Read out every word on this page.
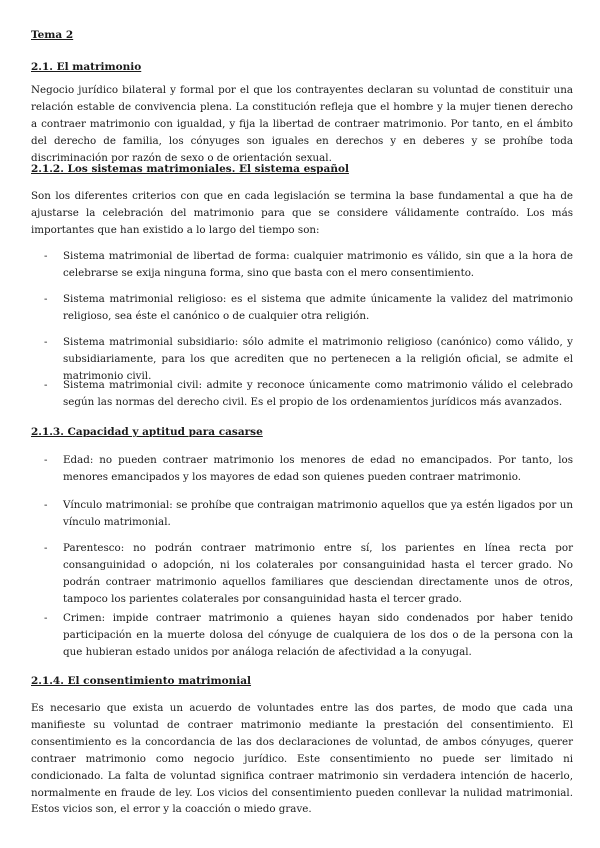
Tema 2
2.1. El matrimonio

Negocio jurídico bilateral y formal por el que los contrayentes declaran su voluntad de constituir una relación estable de convivencia plena. La constitución refleja que el hombre y la mujer tienen derecho a contraer matrimonio con igualdad, y fija la libertad de contraer matrimonio. Por tanto, en el ámbito del derecho de familia, los cónyuges son iguales en derechos y en deberes y se prohíbe toda discriminación por razón de sexo o de orientación sexual.

2.1.2. Los sistemas matrimoniales. El sistema español

Son los diferentes criterios con que en cada legislación se termina la base fundamental a que ha de ajustarse la celebración del matrimonio para que se considere válidamente contraído. Los más importantes que han existido a lo largo del tiempo son:

- Sistema matrimonial de libertad de forma: cualquier matrimonio es válido, sin que a la hora de celebrarse se exija ninguna forma, sino que basta con el mero consentimiento.
- Sistema matrimonial religioso: es el sistema que admite únicamente la validez del matrimonio religioso, sea éste el canónico o de cualquier otra religión.
- Sistema matrimonial subsidiario: sólo admite el matrimonio religioso (canónico) como válido, y subsidiariamente, para los que acrediten que no pertenecen a la religión oficial, se admite el matrimonio civil.
- Sistema matrimonial civil: admite y reconoce únicamente como matrimonio válido el celebrado según las normas del derecho civil. Es el propio de los ordenamientos jurídicos más avanzados.
2.1.3. Capacidad y aptitud para casarse
- Edad: no pueden contraer matrimonio los menores de edad no emancipados. Por tanto, los menores emancipados y los mayores de edad son quienes pueden contraer matrimonio.
- Vínculo matrimonial: se prohíbe que contraigan matrimonio aquellos que ya estén ligados por un vínculo matrimonial.
- Parentesco: no podrán contraer matrimonio entre sí, los parientes en línea recta por consanguinidad o adopción, ni los colaterales por consanguinidad hasta el tercer grado. No podrán contraer matrimonio aquellos familiares que desciendan directamente unos de otros, tampoco los parientes colaterales por consanguinidad hasta el tercer grado.
- Crimen: impide contraer matrimonio a quienes hayan sido condenados por haber tenido participación en la muerte dolosa del cónyuge de cualquiera de los dos o de la persona con la que hubieran estado unidos por análoga relación de afectividad a la conyugal.
2.1.4. El consentimiento matrimonial

Es necesario que exista un acuerdo de voluntades entre las dos partes, de modo que cada una manifieste su voluntad de contraer matrimonio mediante la prestación del consentimiento. El consentimiento es la concordancia de las dos declaraciones de voluntad, de ambos cónyuges, querer contraer matrimonio como negocio jurídico. Este consentimiento no puede ser limitado ni condicionado. La falta de voluntad significa contraer matrimonio sin verdadera intención de hacerlo, normalmente en fraude de ley. Los vicios del consentimiento pueden conllevar la nulidad matrimonial. Estos vicios son, el error y la coacción o miedo grave.
